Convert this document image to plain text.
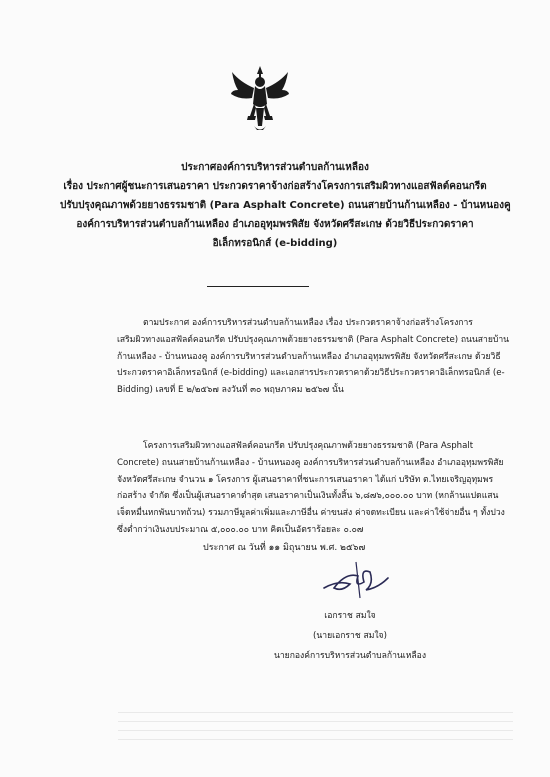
ประกาศองค์การบริหารส่วนตำบลก้านเหลือง
เรื่อง ประกาศผู้ชนะการเสนอราคา ประกวดราคาจ้างก่อสร้างโครงการเสริมผิวทางแอสฟัลต์คอนกรีต
ปรับปรุงคุณภาพด้วยยางธรรมชาติ (Para Asphalt Concrete) ถนนสายบ้านก้านเหลือง - บ้านหนองคู
องค์การบริหารส่วนตำบลก้านเหลือง อำเภออุทุมพรพิสัย จังหวัดศรีสะเกษ ด้วยวิธีประกวดราคา
อิเล็กทรอนิกส์ (e-bidding)
ตามประกาศ องค์การบริหารส่วนตำบลก้านเหลือง เรื่อง ประกวดราคาจ้างก่อสร้างโครงการ
เสริมผิวทางแอสฟัลต์คอนกรีต ปรับปรุงคุณภาพด้วยยางธรรมชาติ (Para Asphalt Concrete) ถนนสายบ้าน
ก้านเหลือง - บ้านหนองคู องค์การบริหารส่วนตำบลก้านเหลือง อำเภออุทุมพรพิสัย จังหวัดศรีสะเกษ ด้วยวิธี
ประกวดราคาอิเล็กทรอนิกส์ (e-bidding) และเอกสารประกวดราคาด้วยวิธีประกวดราคาอิเล็กทรอนิกส์ (e-
Bidding) เลขที่ E ๒/๒๕๖๗ ลงวันที่ ๓๐ พฤษภาคม ๒๕๖๗ นั้น
โครงการเสริมผิวทางแอสฟัลต์คอนกรีต ปรับปรุงคุณภาพด้วยยางธรรมชาติ (Para Asphalt
Concrete) ถนนสายบ้านก้านเหลือง - บ้านหนองคู องค์การบริหารส่วนตำบลก้านเหลือง อำเภออุทุมพรพิสัย
จังหวัดศรีสะเกษ จำนวน ๑ โครงการ ผู้เสนอราคาที่ชนะการเสนอราคา ได้แก่ บริษัท ต.ไทยเจริญอุทุมพร
ก่อสร้าง จำกัด ซึ่งเป็นผู้เสนอราคาต่ำสุด เสนอราคาเป็นเงินทั้งสิ้น ๖,๘๗๖,๐๐๐.๐๐ บาท (หกล้านแปดแสน
เจ็ดหมื่นหกพันบาทถ้วน) รวมภาษีมูลค่าเพิ่มและภาษีอื่น ค่าขนส่ง ค่าจดทะเบียน และค่าใช้จ่ายอื่น ๆ ทั้งปวง
ซึ่งต่ำกว่าเงินงบประมาณ ๕,๐๐๐.๐๐ บาท คิดเป็นอัตราร้อยละ ๐.๐๗
ประกาศ ณ วันที่ ๑๑ มิถุนายน พ.ศ. ๒๕๖๗
เอกราช สมใจ
(นายเอกราช สมใจ)
นายกองค์การบริหารส่วนตำบลก้านเหลือง
